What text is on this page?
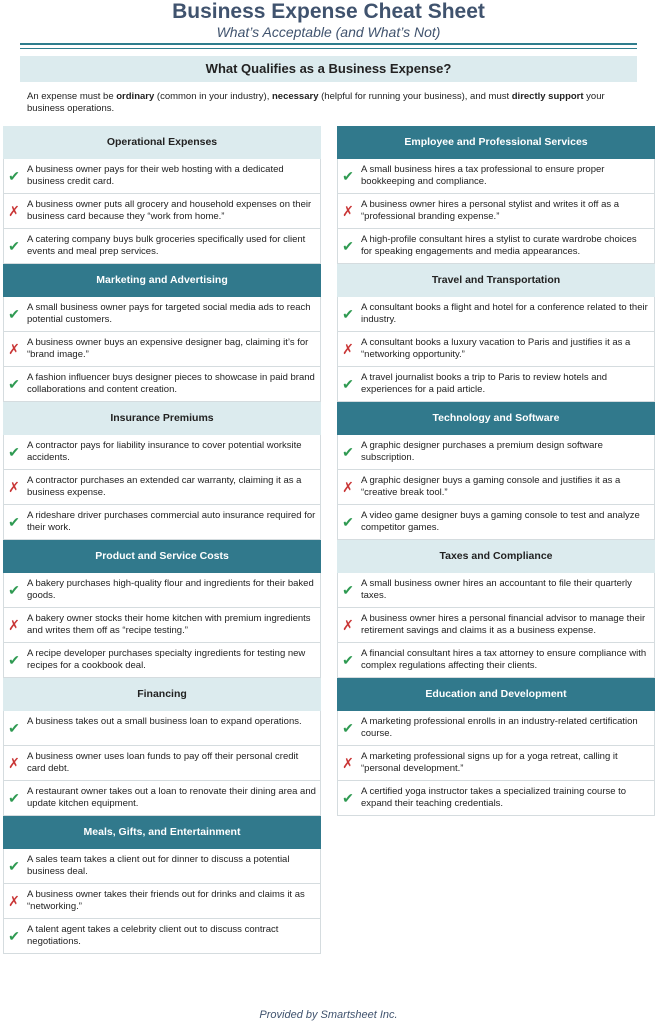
Business Expense Cheat Sheet
What’s Acceptable (and What’s Not)
What Qualifies as a Business Expense?
An expense must be ordinary (common in your industry), necessary (helpful for running your business), and must directly support your business operations.
Operational Expenses
✔ A business owner pays for their web hosting with a dedicated business credit card.
✗ A business owner puts all grocery and household expenses on their business card because they “work from home.”
✔ A catering company buys bulk groceries specifically used for client events and meal prep services.
Marketing and Advertising
✔ A small business owner pays for targeted social media ads to reach potential customers.
✗ A business owner buys an expensive designer bag, claiming it’s for “brand image.”
✔ A fashion influencer buys designer pieces to showcase in paid brand collaborations and content creation.
Insurance Premiums
✔ A contractor pays for liability insurance to cover potential worksite accidents.
✗ A contractor purchases an extended car warranty, claiming it as a business expense.
✔ A rideshare driver purchases commercial auto insurance required for their work.
Product and Service Costs
✔ A bakery purchases high-quality flour and ingredients for their baked goods.
✗ A bakery owner stocks their home kitchen with premium ingredients and writes them off as “recipe testing.”
✔ A recipe developer purchases specialty ingredients for testing new recipes for a cookbook deal.
Financing
✔ A business takes out a small business loan to expand operations.
✗ A business owner uses loan funds to pay off their personal credit card debt.
✔ A restaurant owner takes out a loan to renovate their dining area and update kitchen equipment.
Meals, Gifts, and Entertainment
✔ A sales team takes a client out for dinner to discuss a potential business deal.
✗ A business owner takes their friends out for drinks and claims it as “networking.”
✔ A talent agent takes a celebrity client out to discuss contract negotiations.
Employee and Professional Services
✔ A small business hires a tax professional to ensure proper bookkeeping and compliance.
✗ A business owner hires a personal stylist and writes it off as a “professional branding expense.”
✔ A high-profile consultant hires a stylist to curate wardrobe choices for speaking engagements and media appearances.
Travel and Transportation
✔ A consultant books a flight and hotel for a conference related to their industry.
✗ A consultant books a luxury vacation to Paris and justifies it as a “networking opportunity.”
✔ A travel journalist books a trip to Paris to review hotels and experiences for a paid article.
Technology and Software
✔ A graphic designer purchases a premium design software subscription.
✗ A graphic designer buys a gaming console and justifies it as a “creative break tool.”
✔ A video game designer buys a gaming console to test and analyze competitor games.
Taxes and Compliance
✔ A small business owner hires an accountant to file their quarterly taxes.
✗ A business owner hires a personal financial advisor to manage their retirement savings and claims it as a business expense.
✔ A financial consultant hires a tax attorney to ensure compliance with complex regulations affecting their clients.
Education and Development
✔ A marketing professional enrolls in an industry-related certification course.
✗ A marketing professional signs up for a yoga retreat, calling it “personal development.”
✔ A certified yoga instructor takes a specialized training course to expand their teaching credentials.
Provided by Smartsheet Inc.
